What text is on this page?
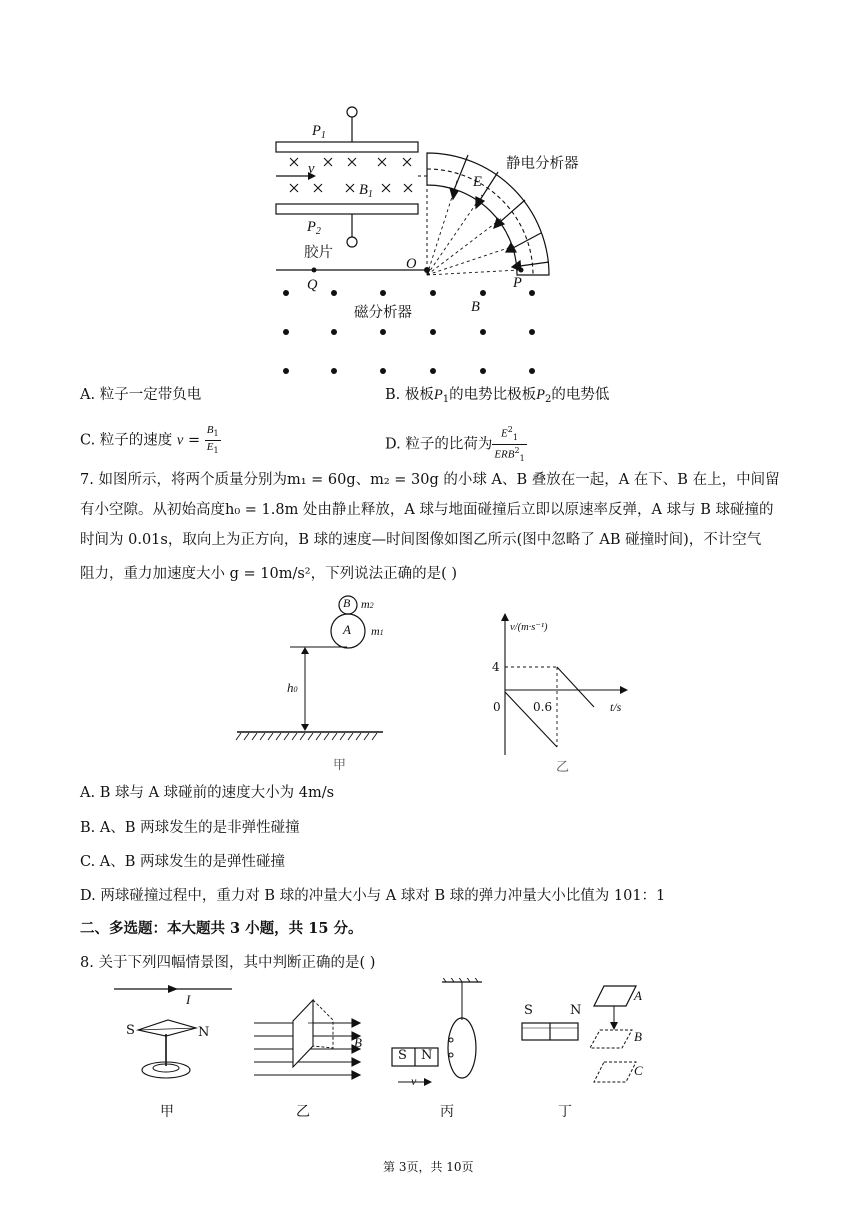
$P_1$
v
$B_1$
$P_2$
E
静电分析器
胶片
O
Q	P
B
磁分析器
A. 粒子一定带负电	B. 极板$P_1$的电势比极板$P_2$的电势低
C. 粒子的速度 $v = \frac{B_1}{E_1}$	D. 粒子的比荷为 $\frac{E^2_1}{ERB^2_1}$
7. 如图所示，将两个质量分别为m₁ = 60g、m₂ = 30g 的小球 A、B 叠放在一起，A 在下、B 在上，中间留
有小空隙。从初始高度h₀ = 1.8m 处由静止释放，A 球与地面碰撞后立即以原速率反弹，A 球与 B 球碰撞的
时间为 0.01s，取向上为正方向，B 球的速度—时间图像如图乙所示(图中忽略了 AB 碰撞时间)，不计空气
阻力，重力加速度大小 g = 10m/s²，下列说法正确的是( )
B m2
A m1
h0
甲
v/(m·s⁻¹)
4
0	0.6	t/s
乙
A. B 球与 A 球碰前的速度大小为 4m/s
B. A、B 两球发生的是非弹性碰撞
C. A、B 两球发生的是弹性碰撞
D. 两球碰撞过程中，重力对 B 球的冲量大小与 A 球对 B 球的弹力冲量大小比值为 101：1
二、多选题：本大题共 3 小题，共 15 分。
8. 关于下列四幅情景图，其中判断正确的是( )
I
S	N
B
S N
v
S	N
A
B
C
甲	乙	丙	丁
第 3页，共 10页
